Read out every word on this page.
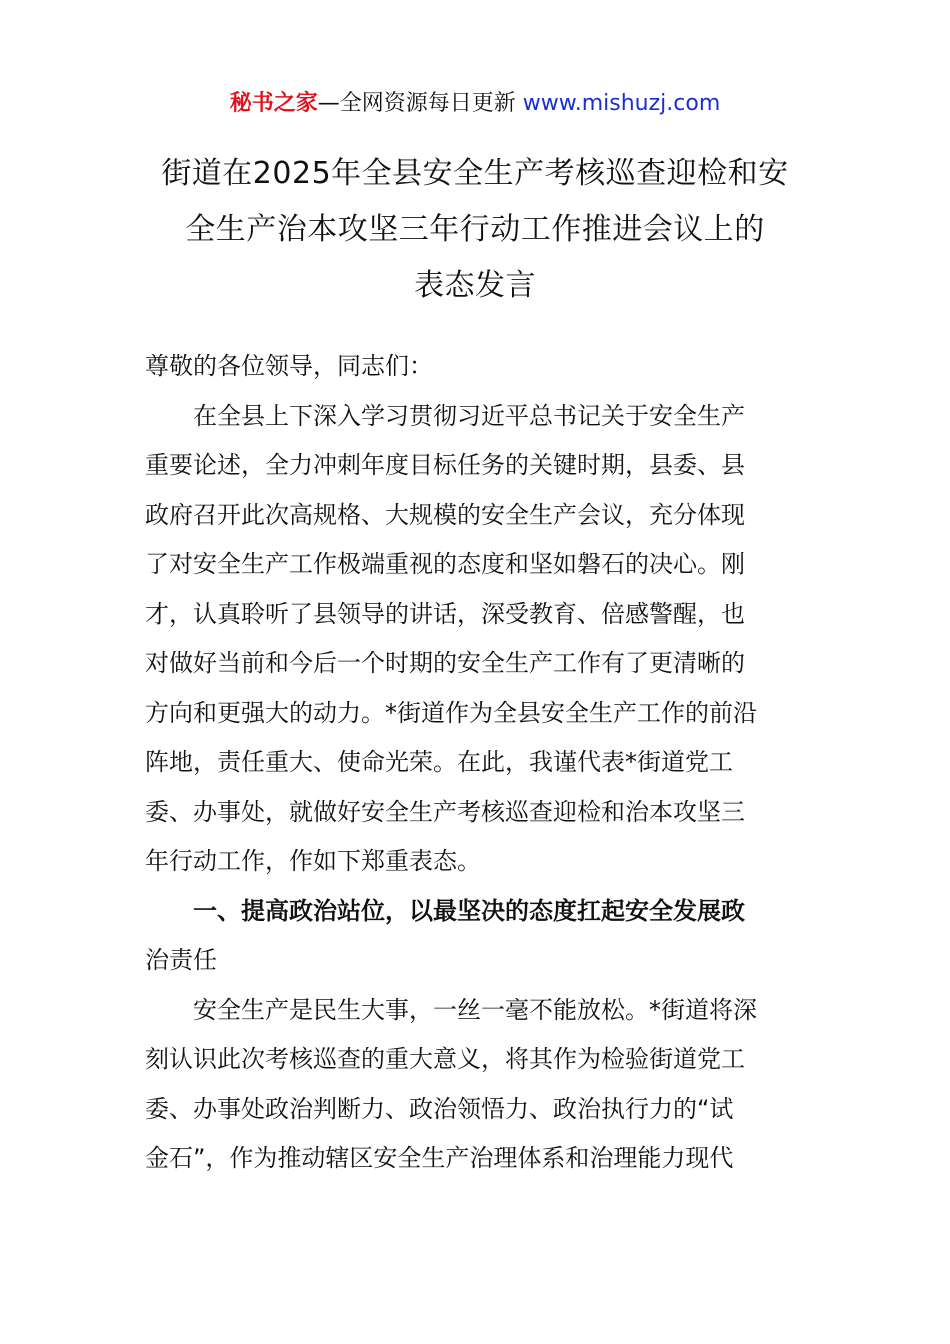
秘书之家—全网资源每日更新 www.mishuzj.com
街道在2025年全县安全生产考核巡查迎检和安
全生产治本攻坚三年行动工作推进会议上的
表态发言
尊敬的各位领导，同志们：
在全县上下深入学习贯彻习近平总书记关于安全生产
重要论述，全力冲刺年度目标任务的关键时期，县委、县
政府召开此次高规格、大规模的安全生产会议，充分体现
了对安全生产工作极端重视的态度和坚如磐石的决心。刚
才，认真聆听了县领导的讲话，深受教育、倍感警醒，也
对做好当前和今后一个时期的安全生产工作有了更清晰的
方向和更强大的动力。*街道作为全县安全生产工作的前沿
阵地，责任重大、使命光荣。在此，我谨代表*街道党工
委、办事处，就做好安全生产考核巡查迎检和治本攻坚三
年行动工作，作如下郑重表态。
一、提高政治站位，以最坚决的态度扛起安全发展政
治责任
安全生产是民生大事，一丝一毫不能放松。*街道将深
刻认识此次考核巡查的重大意义，将其作为检验街道党工
委、办事处政治判断力、政治领悟力、政治执行力的“试
金石”，作为推动辖区安全生产治理体系和治理能力现代
